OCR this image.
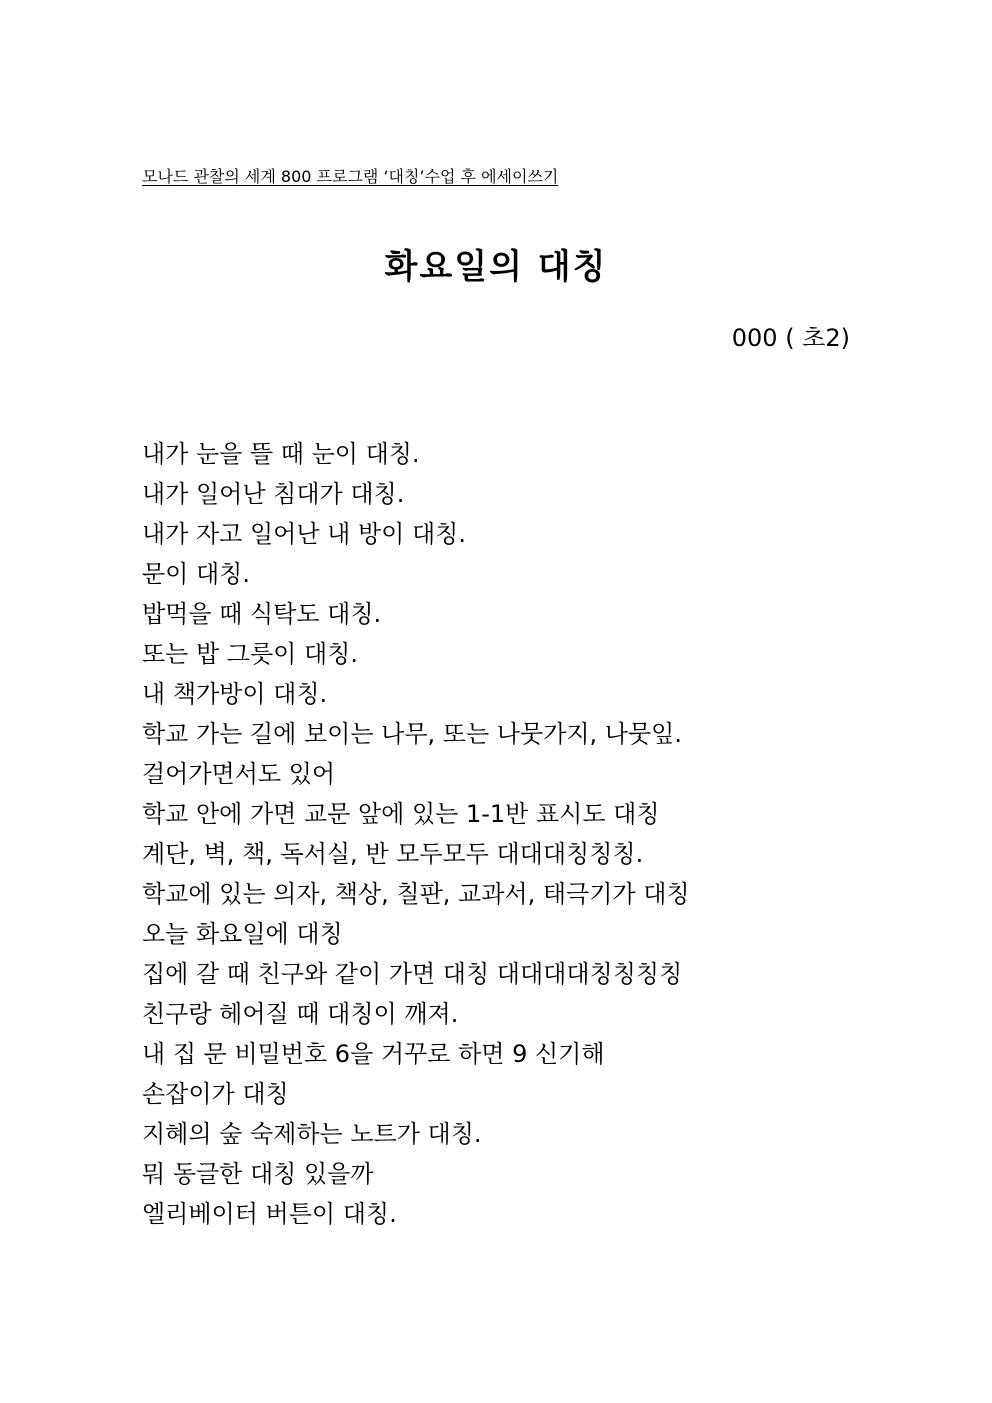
모나드 관찰의 세계 800 프로그램 ‘대칭’수업 후 에세이쓰기
화요일의 대칭
000 ( 초2)
내가 눈을 뜰 때 눈이 대칭.
내가 일어난 침대가 대칭.
내가 자고 일어난 내 방이 대칭.
문이 대칭.
밥먹을 때 식탁도 대칭.
또는 밥 그릇이 대칭.
내 책가방이 대칭.
학교 가는 길에 보이는 나무, 또는 나뭇가지, 나뭇잎.
걸어가면서도 있어
학교 안에 가면 교문 앞에 있는 1-1반 표시도 대칭
계단, 벽, 책, 독서실, 반 모두모두 대대대칭칭칭.
학교에 있는 의자, 책상, 칠판, 교과서, 태극기가 대칭
오늘 화요일에 대칭
집에 갈 때 친구와 같이 가면 대칭 대대대대칭칭칭칭
친구랑 헤어질 때 대칭이 깨져.
내 집 문 비밀번호 6을 거꾸로 하면 9 신기해
손잡이가 대칭
지혜의 숲 숙제하는 노트가 대칭.
뭐 동글한 대칭 있을까
엘리베이터 버튼이 대칭.
